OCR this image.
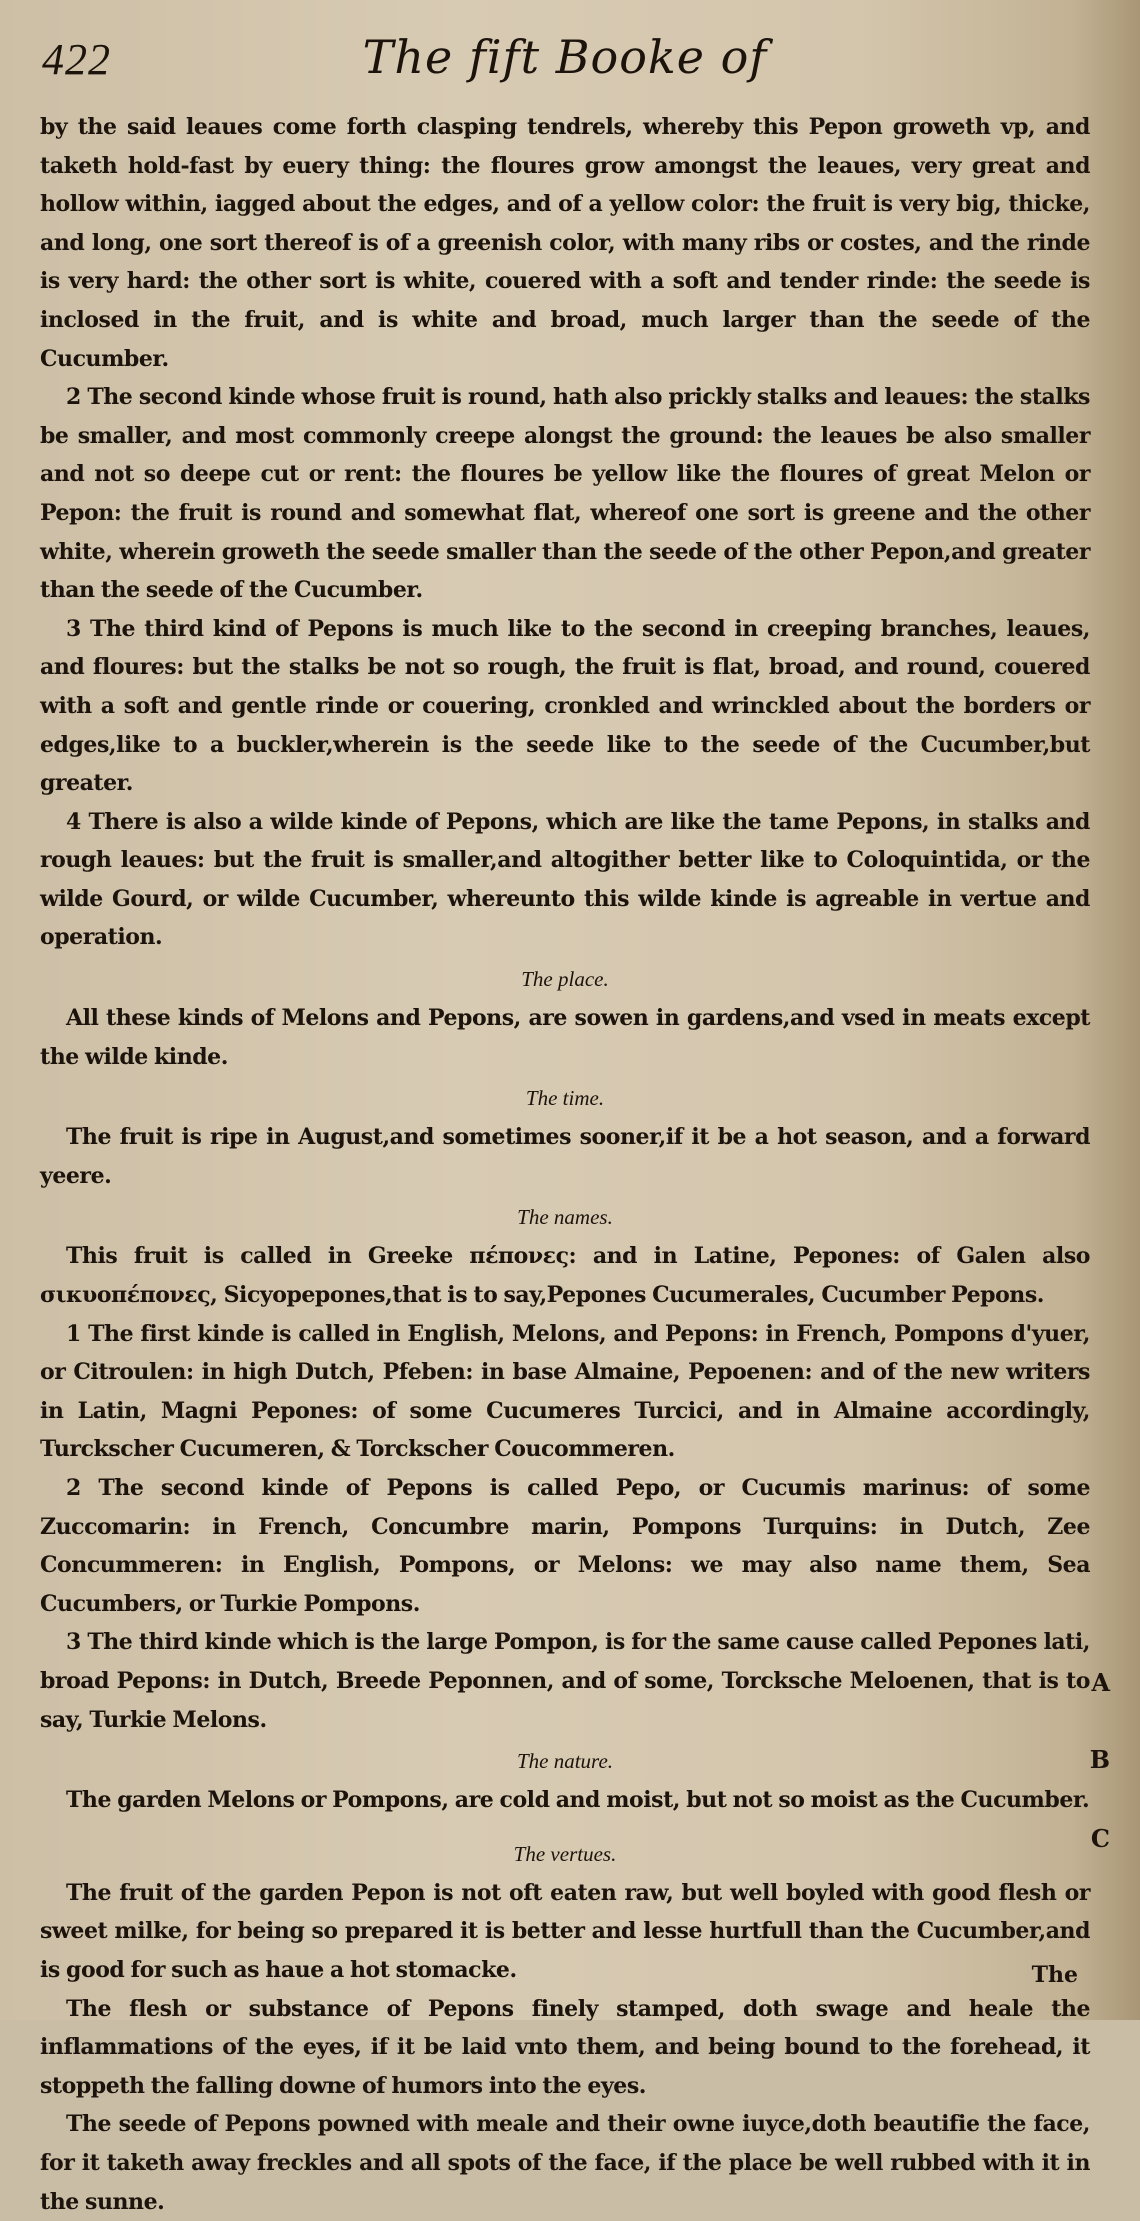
422	The fift Booke of

by the said leaues come forth clasping tendrels, whereby this Pepon groweth vp, and taketh hold-fast by euery thing: the floures grow amongst the leaues, very great and hollow within, iagged about the edges, and of a yellow color: the fruit is very big, thicke, and long, one sort thereof is of a greenish color, with many ribs or costes, and the rinde is very hard: the other sort is white, couered with a soft and tender rinde: the seede is inclosed in the fruit, and is white and broad, much larger than the seede of the Cucumber.

2 The second kinde whose fruit is round, hath also prickly stalks and leaues: the stalks be smaller, and most commonly creepe alongst the ground: the leaues be also smaller and not so deepe cut or rent: the floures be yellow like the floures of great Melon or Pepon: the fruit is round and somewhat flat, whereof one sort is greene and the other white, wherein groweth the seede smaller than the seede of the other Pepon,and greater than the seede of the Cucumber.

3 The third kind of Pepons is much like to the second in creeping branches, leaues, and floures: but the stalks be not so rough, the fruit is flat, broad, and round, couered with a soft and gentle rinde or couering, cronkled and wrinckled about the borders or edges,like to a buckler,wherein is the seede like to the seede of the Cucumber,but greater.

4 There is also a wilde kinde of Pepons, which are like the tame Pepons, in stalks and rough leaues: but the fruit is smaller,and altogither better like to Coloquintida, or the wilde Gourd, or wilde Cucumber, whereunto this wilde kinde is agreable in vertue and operation.

The place.

All these kinds of Melons and Pepons, are sowen in gardens,and vsed in meats except the wilde kinde.

The time.

The fruit is ripe in August,and sometimes sooner,if it be a hot season, and a forward yeere.

The names.

This fruit is called in Greeke πέπονες: and in Latine, Pepones: of Galen also σικυοπέπονες, Sicyopepones,that is to say,Pepones Cucumerales, Cucumber Pepons.

1 The first kinde is called in English, Melons, and Pepons: in French, Pompons d'yuer, or Citroulen: in high Dutch, Pfeben: in base Almaine, Pepoenen: and of the new writers in Latin, Magni Pepones: of some Cucumeres Turcici, and in Almaine accordingly, Turckscher Cucumeren, & Torckscher Coucommeren.

2 The second kinde of Pepons is called Pepo, or Cucumis marinus: of some Zuccomarin: in French, Concumbre marin, Pompons Turquins: in Dutch, Zee Concummeren: in English, Pompons, or Melons: we may also name them, Sea Cucumbers, or Turkie Pompons.

3 The third kinde which is the large Pompon, is for the same cause called Pepones lati, broad Pepons: in Dutch, Breede Peponnen, and of some, Torcksche Meloenen, that is to say, Turkie Melons.

The nature.

The garden Melons or Pompons, are cold and moist, but not so moist as the Cucumber.

The vertues.

The fruit of the garden Pepon is not oft eaten raw, but well boyled with good flesh or sweet milke, for being so prepared it is better and lesse hurtfull than the Cucumber,and is good for such as haue a hot stomacke.

The flesh or substance of Pepons finely stamped, doth swage and heale the inflammations of the eyes, if it be laid vnto them, and being bound to the forehead, it stoppeth the falling downe of humors into the eyes.

The seede of Pepons powned with meale and their owne iuyce,doth beautifie the face, for it taketh away freckles and all spots of the face, if the place be well rubbed with it in the sunne.

A
B
C
The
